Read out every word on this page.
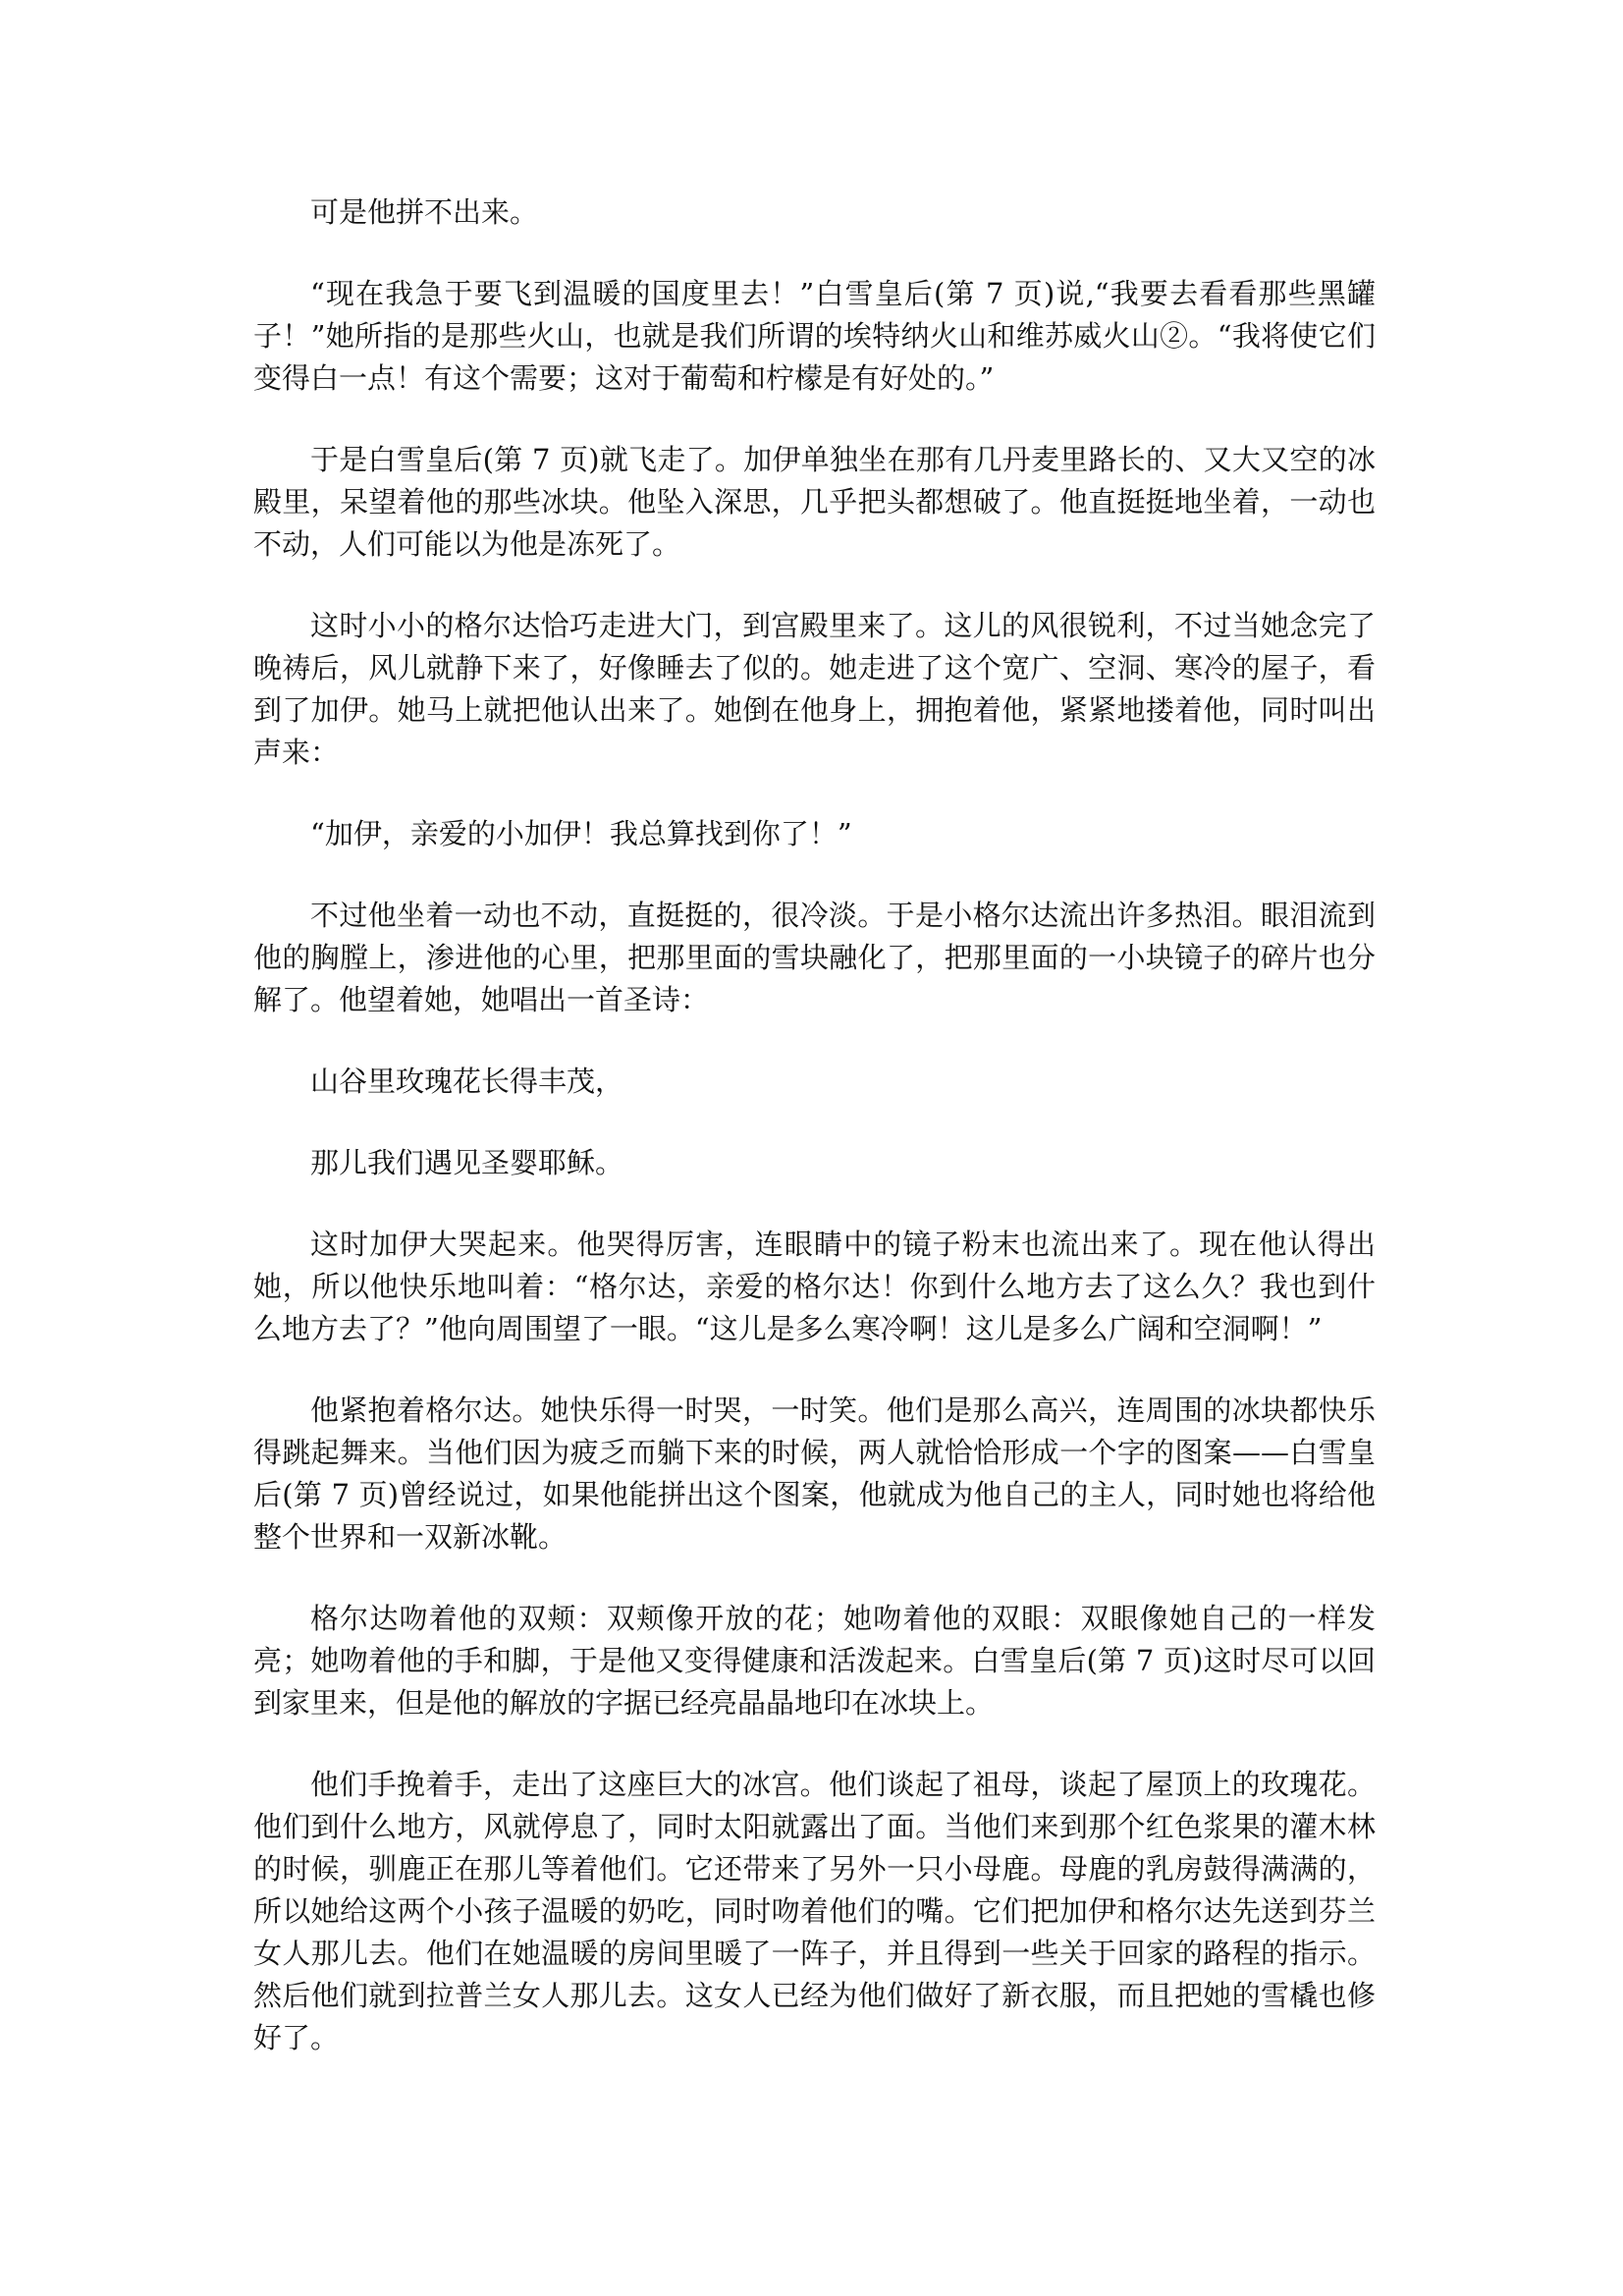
可是他拼不出来。

“现在我急于要飞到温暖的国度里去！”白雪皇后(第 7 页)说,“我要去看看那些黑罐子！”她所指的是那些火山，也就是我们所谓的埃特纳火山和维苏威火山②。“我将使它们变得白一点！有这个需要；这对于葡萄和柠檬是有好处的。”

于是白雪皇后(第 7 页)就飞走了。加伊单独坐在那有几丹麦里路长的、又大又空的冰殿里，呆望着他的那些冰块。他坠入深思，几乎把头都想破了。他直挺挺地坐着，一动也不动，人们可能以为他是冻死了。

这时小小的格尔达恰巧走进大门，到宫殿里来了。这儿的风很锐利，不过当她念完了晚祷后，风儿就静下来了，好像睡去了似的。她走进了这个宽广、空洞、寒冷的屋子，看到了加伊。她马上就把他认出来了。她倒在他身上，拥抱着他，紧紧地搂着他，同时叫出声来：

“加伊，亲爱的小加伊！我总算找到你了！”

不过他坐着一动也不动，直挺挺的，很冷淡。于是小格尔达流出许多热泪。眼泪流到他的胸膛上，渗进他的心里，把那里面的雪块融化了，把那里面的一小块镜子的碎片也分解了。他望着她，她唱出一首圣诗：

山谷里玫瑰花长得丰茂，

那儿我们遇见圣婴耶稣。

这时加伊大哭起来。他哭得厉害，连眼睛中的镜子粉末也流出来了。现在他认得出她，所以他快乐地叫着：“格尔达，亲爱的格尔达！你到什么地方去了这么久？我也到什么地方去了？”他向周围望了一眼。“这儿是多么寒冷啊！这儿是多么广阔和空洞啊！”

他紧抱着格尔达。她快乐得一时哭，一时笑。他们是那么高兴，连周围的冰块都快乐得跳起舞来。当他们因为疲乏而躺下来的时候，两人就恰恰形成一个字的图案——白雪皇后(第 7 页)曾经说过，如果他能拼出这个图案，他就成为他自己的主人，同时她也将给他整个世界和一双新冰靴。

格尔达吻着他的双颊：双颊像开放的花；她吻着他的双眼：双眼像她自己的一样发亮；她吻着他的手和脚，于是他又变得健康和活泼起来。白雪皇后(第 7 页)这时尽可以回到家里来，但是他的解放的字据已经亮晶晶地印在冰块上。

他们手挽着手，走出了这座巨大的冰宫。他们谈起了祖母，谈起了屋顶上的玫瑰花。他们到什么地方，风就停息了，同时太阳就露出了面。当他们来到那个红色浆果的灌木林的时候，驯鹿正在那儿等着他们。它还带来了另外一只小母鹿。母鹿的乳房鼓得满满的，所以她给这两个小孩子温暖的奶吃，同时吻着他们的嘴。它们把加伊和格尔达先送到芬兰女人那儿去。他们在她温暖的房间里暖了一阵子，并且得到一些关于回家的路程的指示。然后他们就到拉普兰女人那儿去。这女人已经为他们做好了新衣服，而且把她的雪橇也修好了。
